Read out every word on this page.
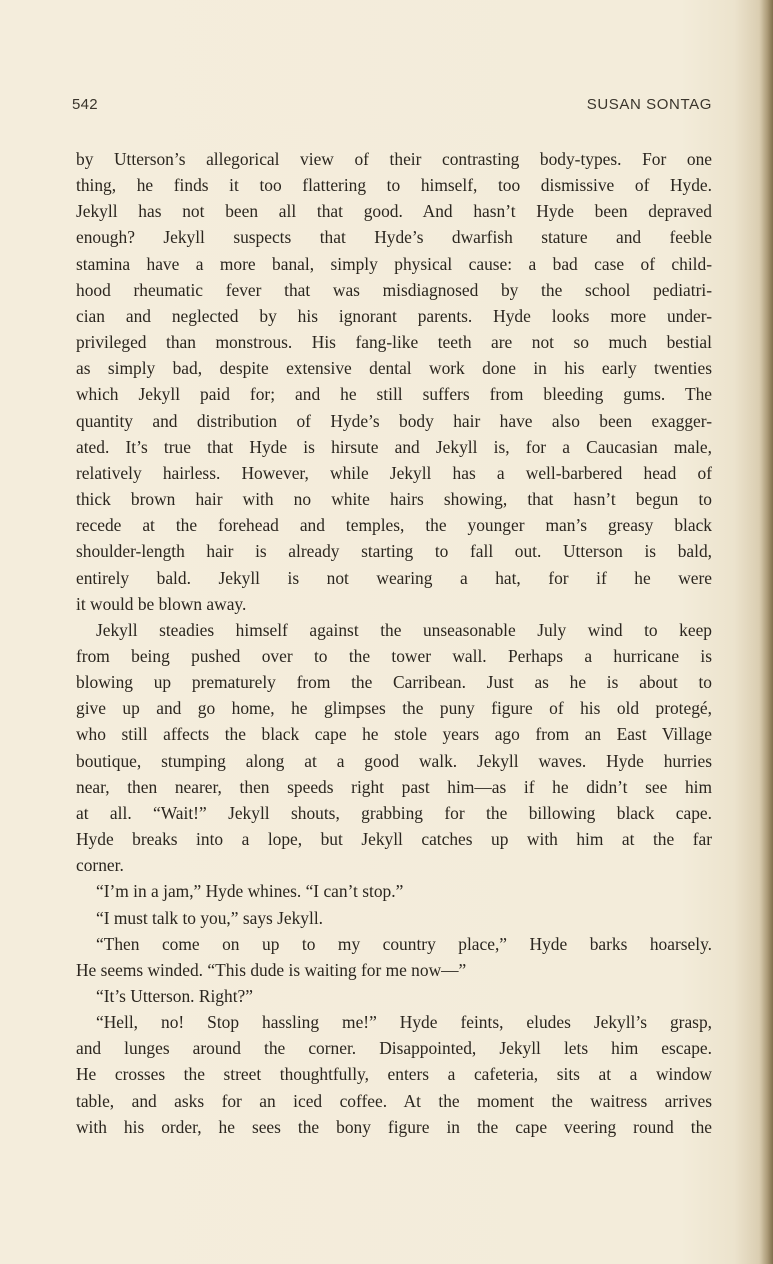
542	SUSAN SONTAG
by Utterson’s allegorical view of their contrasting body-types. For one
thing, he finds it too flattering to himself, too dismissive of Hyde.
Jekyll has not been all that good. And hasn’t Hyde been depraved
enough? Jekyll suspects that Hyde’s dwarfish stature and feeble
stamina have a more banal, simply physical cause: a bad case of child-
hood rheumatic fever that was misdiagnosed by the school pediatri-
cian and neglected by his ignorant parents. Hyde looks more under-
privileged than monstrous. His fang-like teeth are not so much bestial
as simply bad, despite extensive dental work done in his early twenties
which Jekyll paid for; and he still suffers from bleeding gums. The
quantity and distribution of Hyde’s body hair have also been exagger-
ated. It’s true that Hyde is hirsute and Jekyll is, for a Caucasian male,
relatively hairless. However, while Jekyll has a well-barbered head of
thick brown hair with no white hairs showing, that hasn’t begun to
recede at the forehead and temples, the younger man’s greasy black
shoulder-length hair is already starting to fall out. Utterson is bald,
entirely bald. Jekyll is not wearing a hat, for if he were
it would be blown away.
Jekyll steadies himself against the unseasonable July wind to keep
from being pushed over to the tower wall. Perhaps a hurricane is
blowing up prematurely from the Carribean. Just as he is about to
give up and go home, he glimpses the puny figure of his old protegé,
who still affects the black cape he stole years ago from an East Village
boutique, stumping along at a good walk. Jekyll waves. Hyde hurries
near, then nearer, then speeds right past him—as if he didn’t see him
at all. “Wait!” Jekyll shouts, grabbing for the billowing black cape.
Hyde breaks into a lope, but Jekyll catches up with him at the far
corner.
“I’m in a jam,” Hyde whines. “I can’t stop.”
“I must talk to you,” says Jekyll.
“Then come on up to my country place,” Hyde barks hoarsely.
He seems winded. “This dude is waiting for me now—”
“It’s Utterson. Right?”
“Hell, no! Stop hassling me!” Hyde feints, eludes Jekyll’s grasp,
and lunges around the corner. Disappointed, Jekyll lets him escape.
He crosses the street thoughtfully, enters a cafeteria, sits at a window
table, and asks for an iced coffee. At the moment the waitress arrives
with his order, he sees the bony figure in the cape veering round the
